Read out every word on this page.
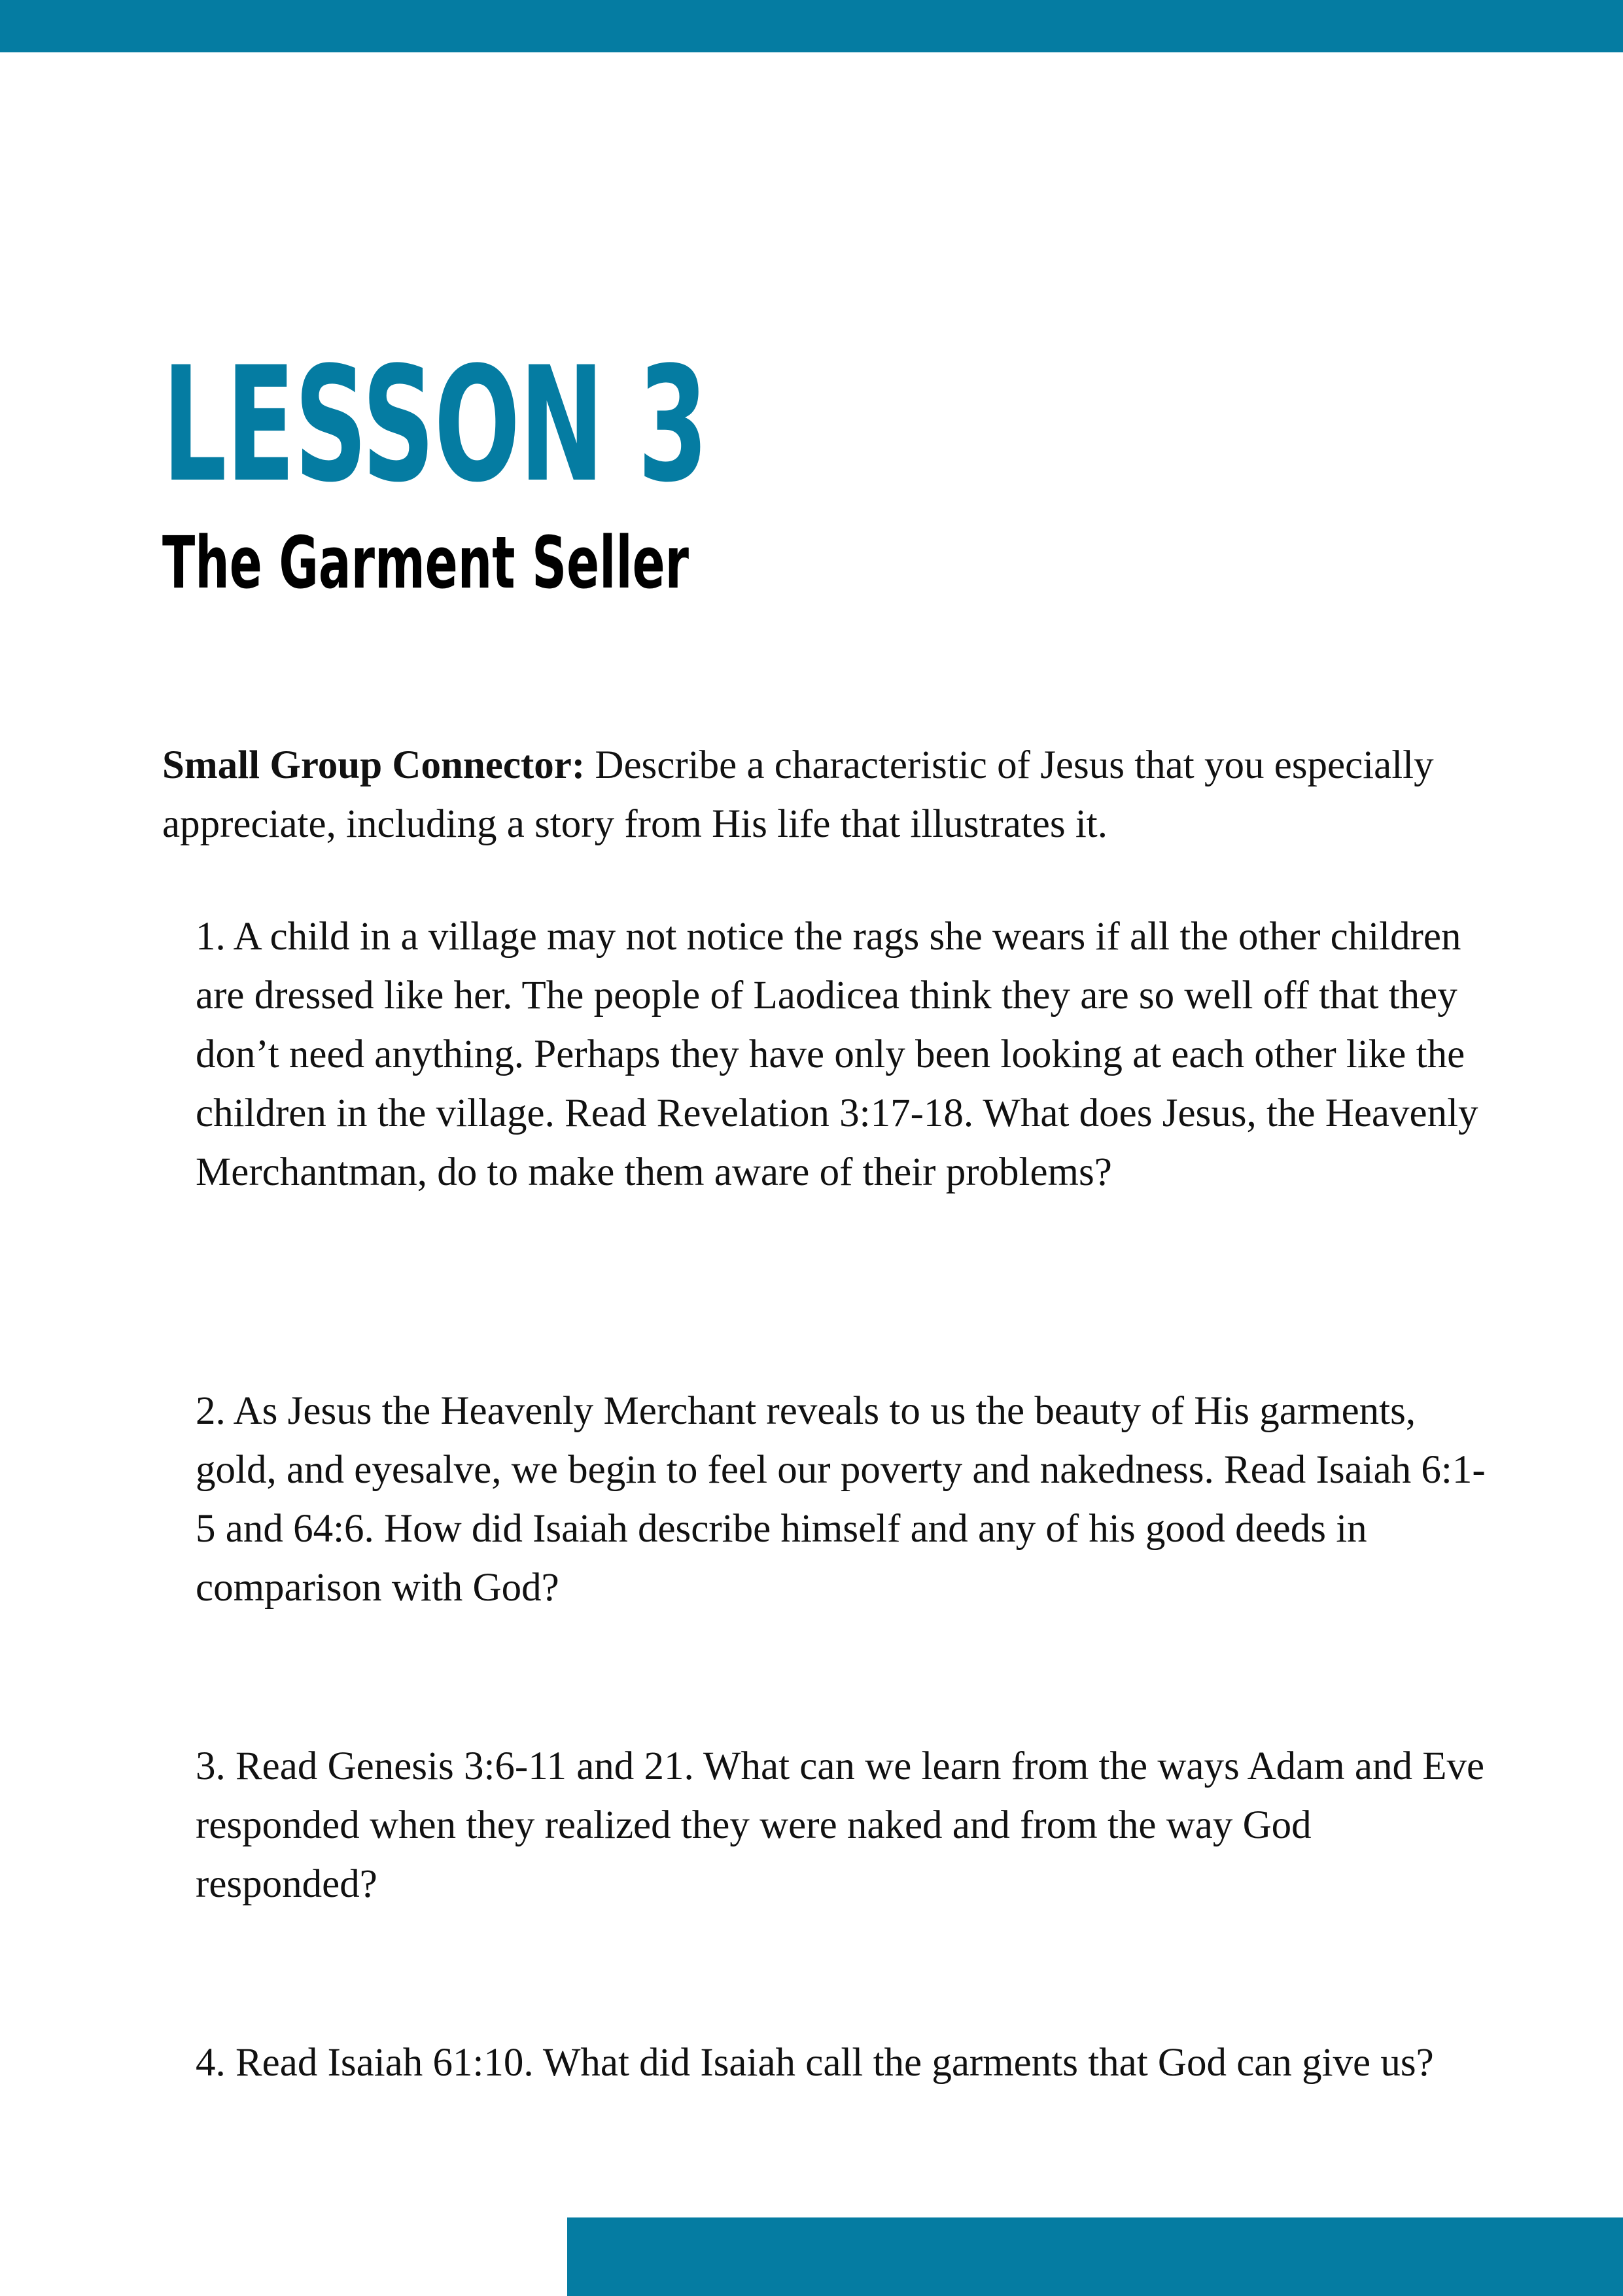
LESSON 3
The Garment Seller

Small Group Connector: Describe a characteristic of Jesus that you especially appreciate, including a story from His life that illustrates it.

1. A child in a village may not notice the rags she wears if all the other children are dressed like her. The people of Laodicea think they are so well off that they don’t need anything. Perhaps they have only been looking at each other like the children in the village. Read Revelation 3:17-18. What does Jesus, the Heavenly Merchantman, do to make them aware of their problems?

2. As Jesus the Heavenly Merchant reveals to us the beauty of His garments, gold, and eyesalve, we begin to feel our poverty and nakedness. Read Isaiah 6:1-5 and 64:6. How did Isaiah describe himself and any of his good deeds in comparison with God?

3. Read Genesis 3:6-11 and 21. What can we learn from the ways Adam and Eve responded when they realized they were naked and from the way God responded?

4. Read Isaiah 61:10. What did Isaiah call the garments that God can give us?
